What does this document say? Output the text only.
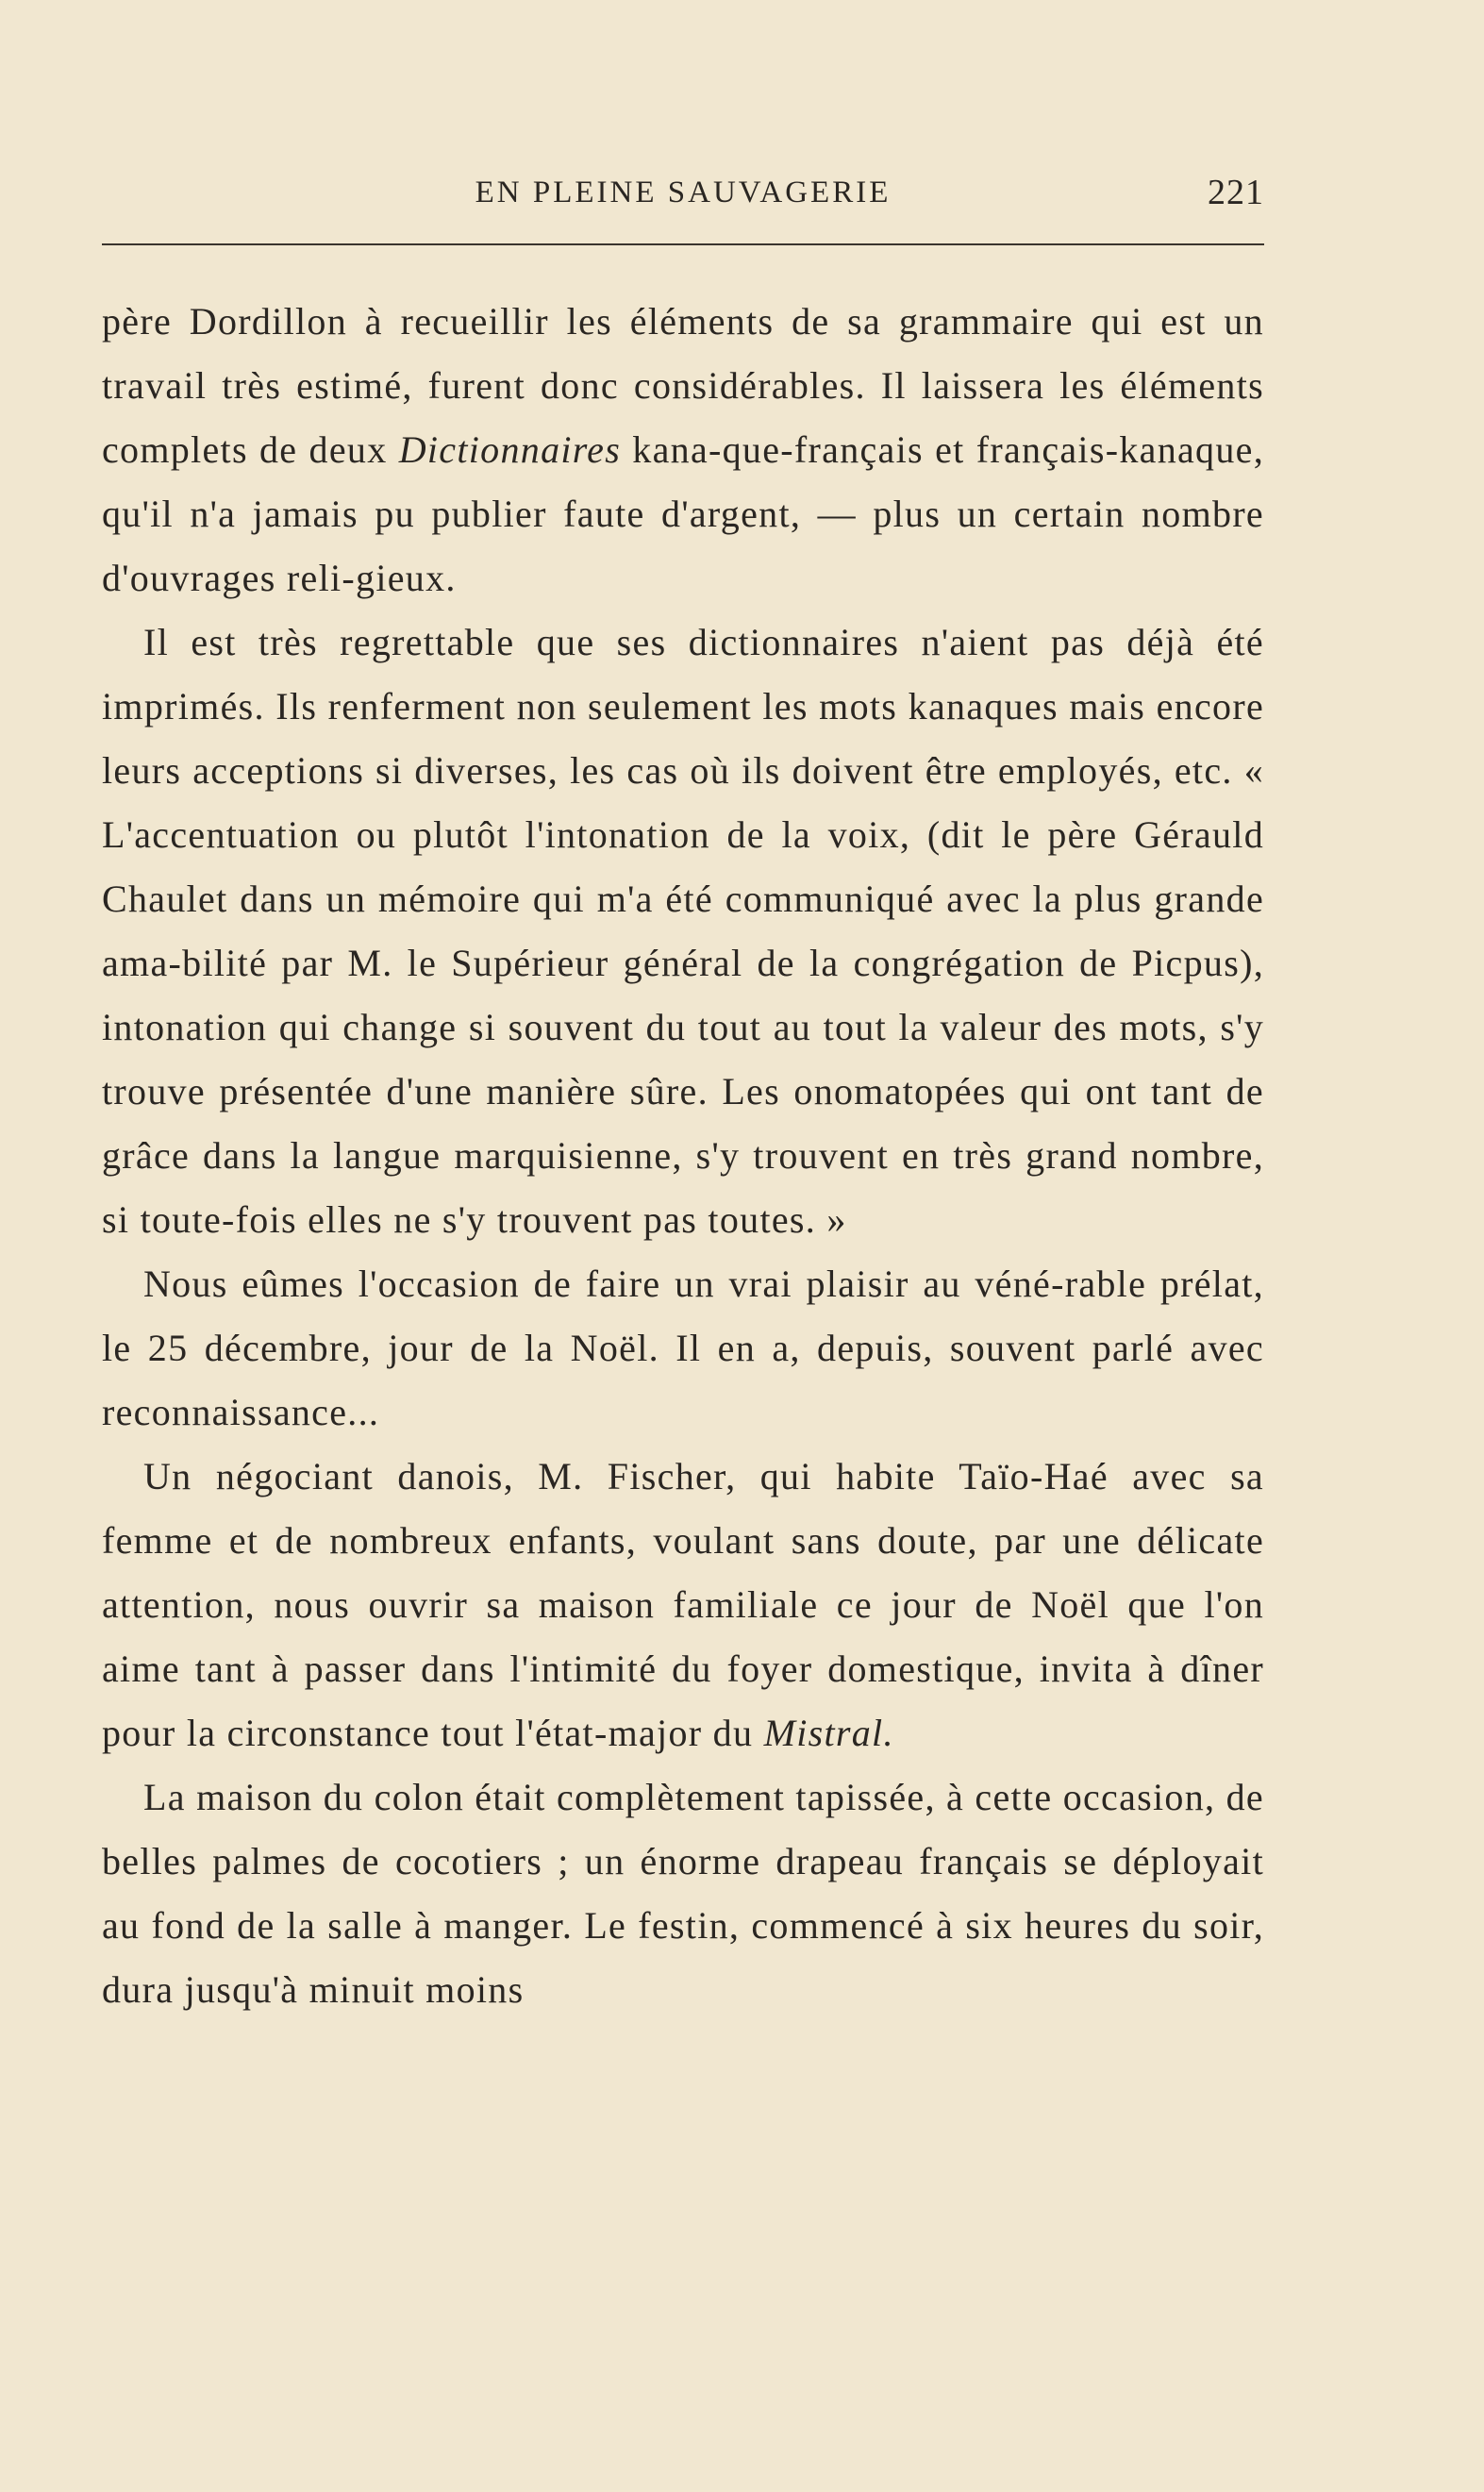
EN PLEINE SAUVAGERIE	221

père Dordillon à recueillir les éléments de sa grammaire qui est un travail très estimé, furent donc considérables. Il laissera les éléments complets de deux Dictionnaires kana-que-français et français-kanaque, qu'il n'a jamais pu publier faute d'argent, — plus un certain nombre d'ouvrages reli-gieux.

Il est très regrettable que ses dictionnaires n'aient pas déjà été imprimés. Ils renferment non seulement les mots kanaques mais encore leurs acceptions si diverses, les cas où ils doivent être employés, etc. « L'accentuation ou plutôt l'intonation de la voix, (dit le père Gérauld Chaulet dans un mémoire qui m'a été communiqué avec la plus grande ama-bilité par M. le Supérieur général de la congrégation de Picpus), intonation qui change si souvent du tout au tout la valeur des mots, s'y trouve présentée d'une manière sûre. Les onomatopées qui ont tant de grâce dans la langue marquisienne, s'y trouvent en très grand nombre, si toute-fois elles ne s'y trouvent pas toutes. »

Nous eûmes l'occasion de faire un vrai plaisir au véné-rable prélat, le 25 décembre, jour de la Noël. Il en a, depuis, souvent parlé avec reconnaissance...

Un négociant danois, M. Fischer, qui habite Taïo-Haé avec sa femme et de nombreux enfants, voulant sans doute, par une délicate attention, nous ouvrir sa maison familiale ce jour de Noël que l'on aime tant à passer dans l'intimité du foyer domestique, invita à dîner pour la circonstance tout l'état-major du Mistral.

La maison du colon était complètement tapissée, à cette occasion, de belles palmes de cocotiers ; un énorme drapeau français se déployait au fond de la salle à manger. Le festin, commencé à six heures du soir, dura jusqu'à minuit moins
